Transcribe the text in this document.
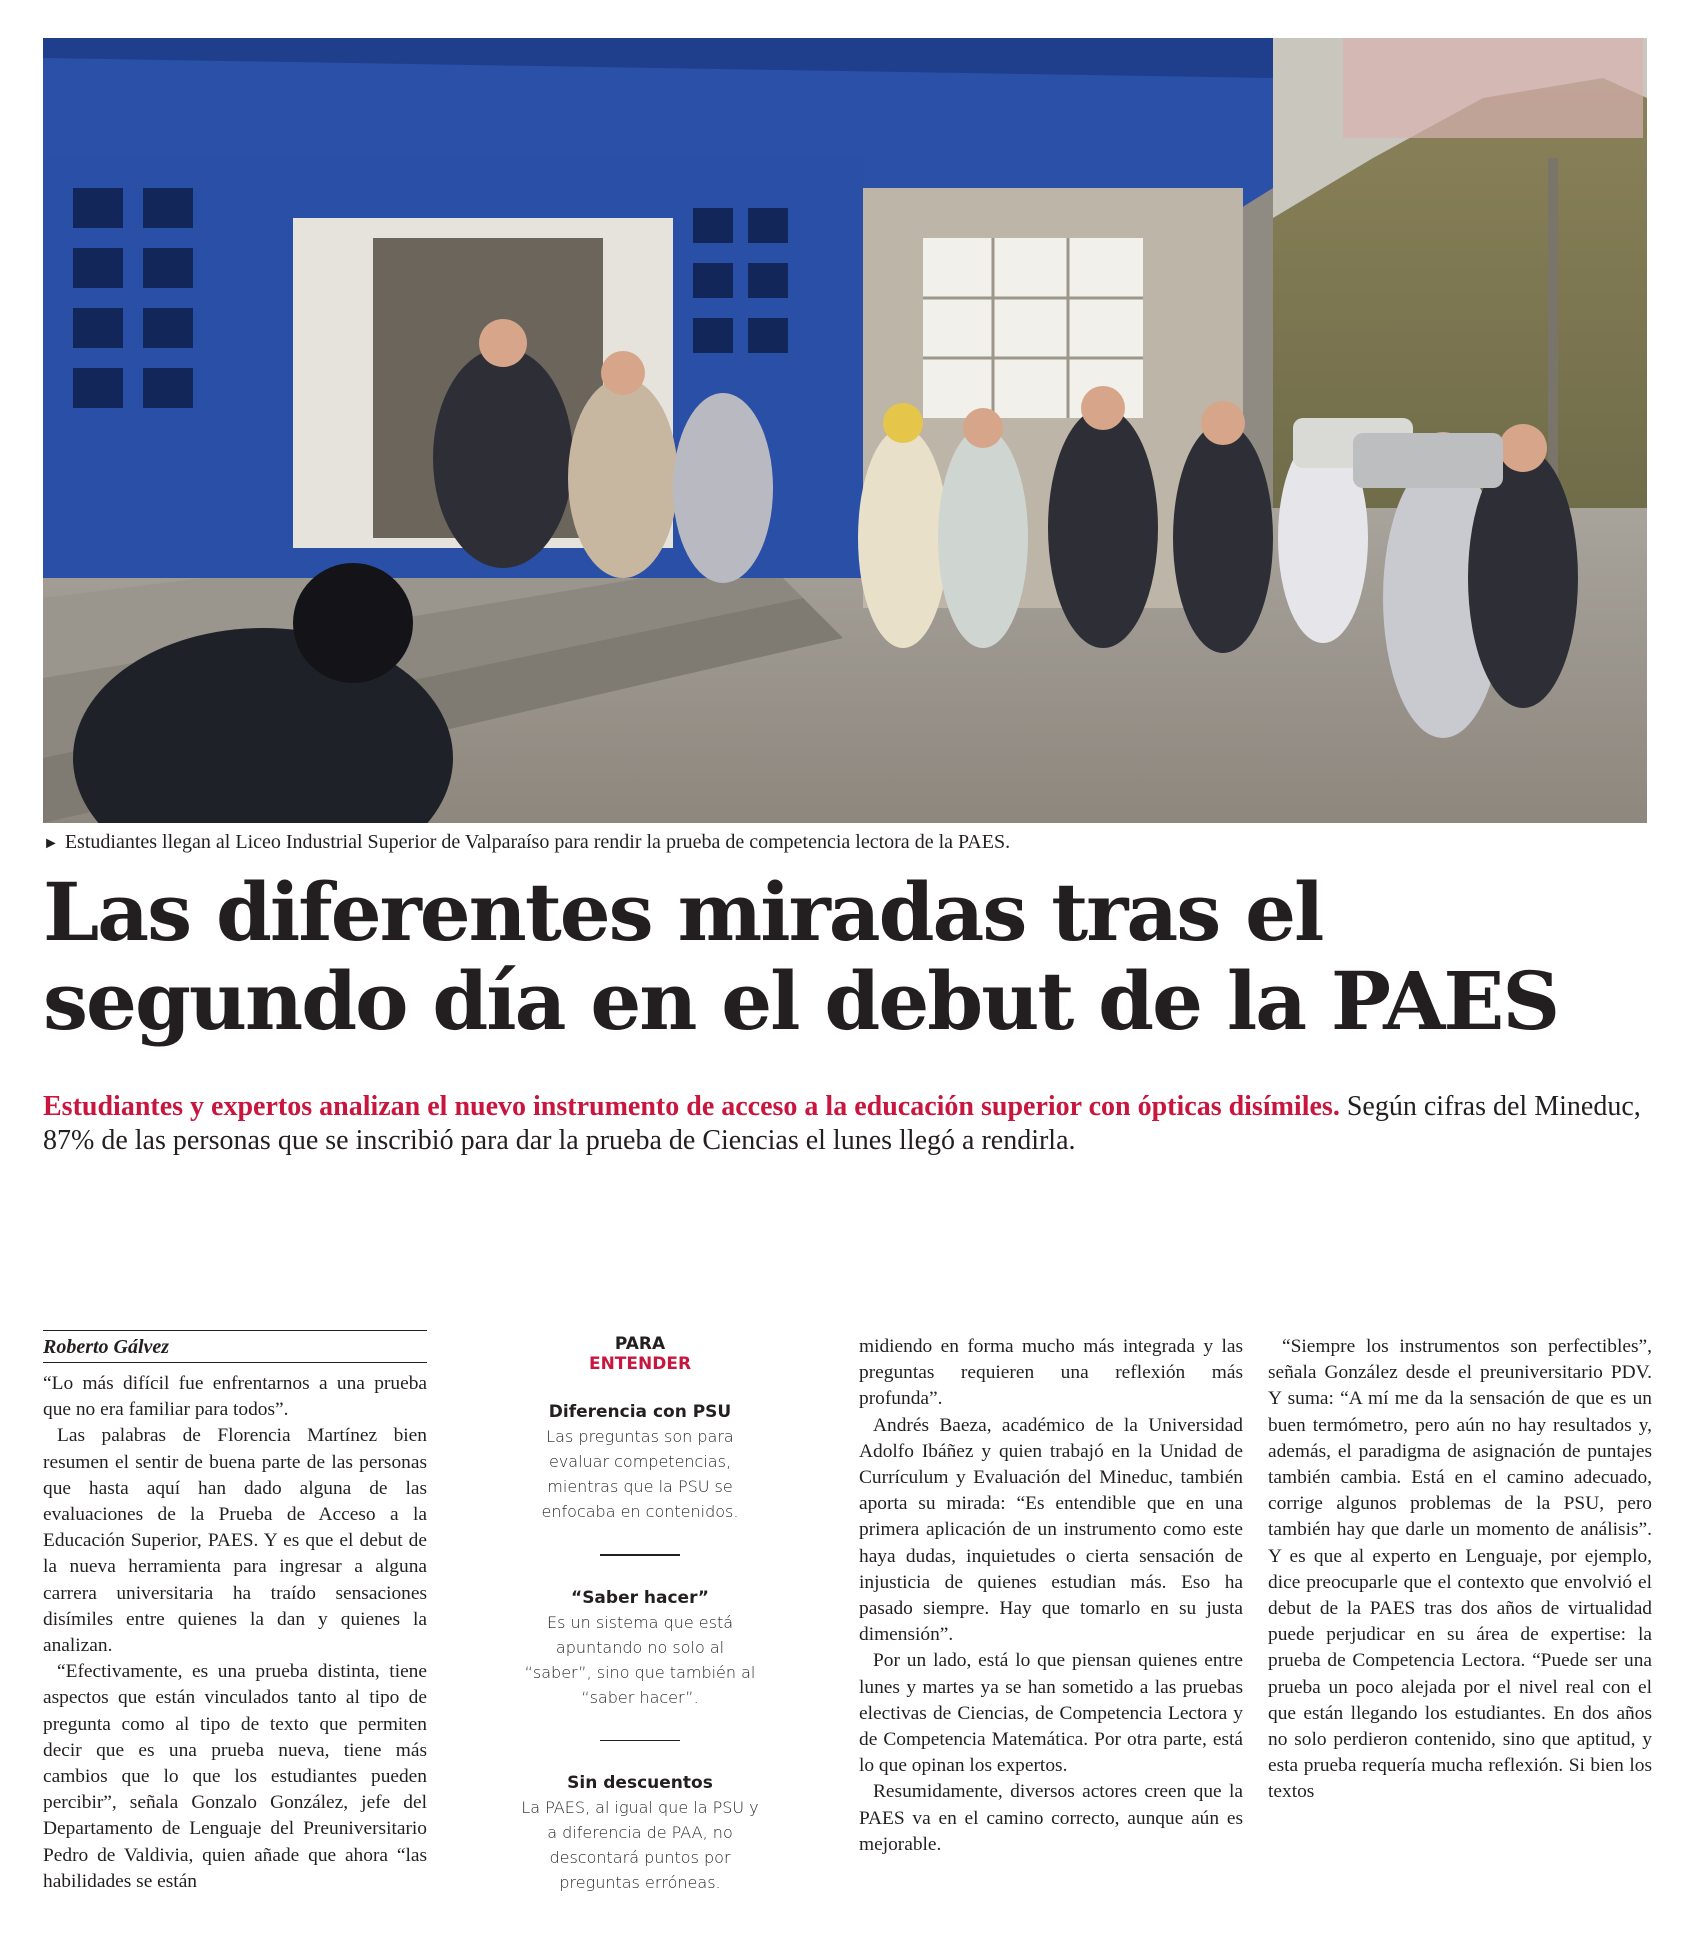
► Estudiantes llegan al Liceo Industrial Superior de Valparaíso para rendir la prueba de competencia lectora de la PAES.
Las diferentes miradas tras el
segundo día en el debut de la PAES

Estudiantes y expertos analizan el nuevo instrumento de acceso a la educación superior con ópticas disímiles. Según cifras del Mineduc, 87% de las personas que se inscribió para dar la prueba de Ciencias el lunes llegó a rendirla.

Roberto Gálvez

“Lo más difícil fue enfrentarnos a una prueba que no era familiar para todos”.

Las palabras de Florencia Martínez bien resumen el sentir de buena parte de las personas que hasta aquí han dado alguna de las evaluaciones de la Prueba de Acceso a la Educación Superior, PAES. Y es que el debut de la nueva herramienta para ingresar a alguna carrera universitaria ha traído sensaciones disímiles entre quienes la dan y quienes la analizan.

“Efectivamente, es una prueba distinta, tiene aspectos que están vinculados tanto al tipo de pregunta como al tipo de texto que permiten decir que es una prueba nueva, tiene más cambios que lo que los estudiantes pueden percibir”, señala Gonzalo González, jefe del Departamento de Lenguaje del Preuniversitario Pedro de Valdivia, quien añade que ahora “las habilidades se están

PARA
ENTENDER
Diferencia con PSU
Las preguntas son para evaluar competencias, mientras que la PSU se enfocaba en contenidos.
“Saber hacer”
Es un sistema que está apuntando no solo al “saber”, sino que también al “saber hacer”.
Sin descuentos
La PAES, al igual que la PSU y a diferencia de PAA, no descontará puntos por preguntas erróneas.

midiendo en forma mucho más integrada y las preguntas requieren una reflexión más profunda”.

Andrés Baeza, académico de la Universidad Adolfo Ibáñez y quien trabajó en la Unidad de Currículum y Evaluación del Mineduc, también aporta su mirada: “Es entendible que en una primera aplicación de un instrumento como este haya dudas, inquietudes o cierta sensación de injusticia de quienes estudian más. Eso ha pasado siempre. Hay que tomarlo en su justa dimensión”.

Por un lado, está lo que piensan quienes entre lunes y martes ya se han sometido a las pruebas electivas de Ciencias, de Competencia Lectora y de Competencia Matemática. Por otra parte, está lo que opinan los expertos.

Resumidamente, diversos actores creen que la PAES va en el camino correcto, aunque aún es mejorable.

“Siempre los instrumentos son perfectibles”, señala González desde el preuniversitario PDV. Y suma: “A mí me da la sensación de que es un buen termómetro, pero aún no hay resultados y, además, el paradigma de asignación de puntajes también cambia. Está en el camino adecuado, corrige algunos problemas de la PSU, pero también hay que darle un momento de análisis”. Y es que al experto en Lenguaje, por ejemplo, dice preocuparle que el contexto que envolvió el debut de la PAES tras dos años de virtualidad puede perjudicar en su área de expertise: la prueba de Competencia Lectora. “Puede ser una prueba un poco alejada por el nivel real con el que están llegando los estudiantes. En dos años no solo perdieron contenido, sino que aptitud, y esta prueba requería mucha reflexión. Si bien los textos
